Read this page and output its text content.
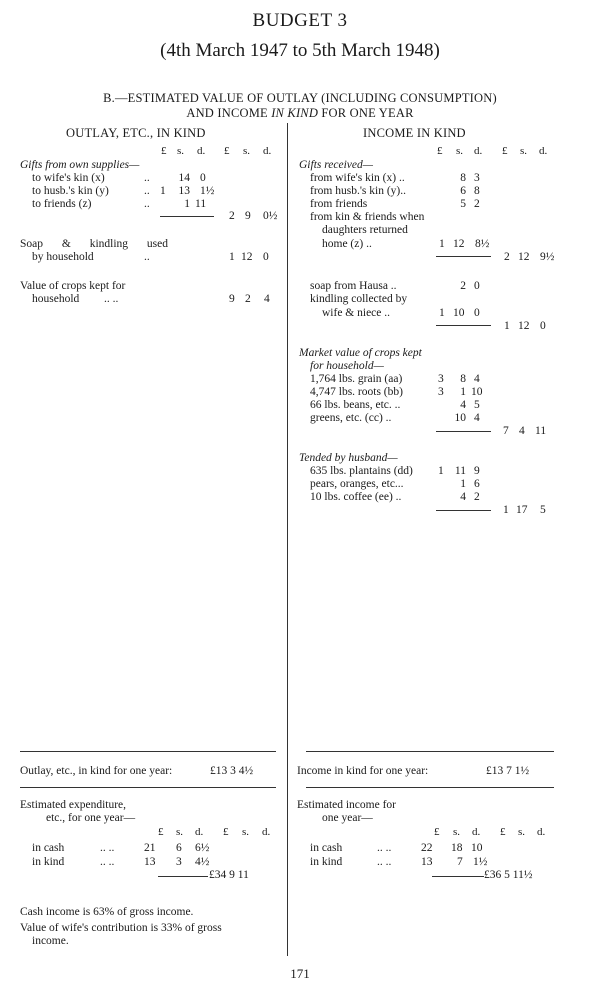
BUDGET 3
(4th March 1947 to 5th March 1948)
B.—ESTIMATED VALUE OF OUTLAY (INCLUDING CONSUMPTION)
AND INCOME IN KIND FOR ONE YEAR
OUTLAY, ETC., IN KIND
£ s. d. £ s. d.
Gifts from own supplies—
to wife's kin (x)	..	14 0
to husb.'s kin (y)	.. 1	13 1½
to friends (z)	..	1 11
2 9 0½
Soap & kindling used
by household	..	1 12 0
Value of crops kept for
household .. ..	9 2 4
Outlay, etc., in kind for one year:	£13 3 4½
Estimated expenditure,
etc., for one year—
£ s. d. £ s. d.
in cash	.. ..	21 6 6½
in kind	.. ..	13 3 4½
£34 9 11
Cash income is 63% of gross income.
Value of wife's contribution is 33% of gross
income.
INCOME IN KIND
£ s. d. £ s. d.
Gifts received—
from wife's kin (x) ..	8 3
from husb.'s kin (y)..	6 8
from friends	5 2
from kin & friends when
daughters returned
home (z) ..	1 12 8½
2 12 9½
soap from Hausa ..	2 0
kindling collected by
wife & niece ..	1 10 0
1 12 0
Market value of crops kept
for household—
1,764 lbs. grain (aa)	3	8 4
4,747 lbs. roots (bb)	3	1 10
66 lbs. beans, etc. ..	4 5
greens, etc. (cc) ..	10 4
7 4 11
Tended by husband—
635 lbs. plantains (dd) 1 11 9
pears, oranges, etc...	1 6
10 lbs. coffee (ee) ..	4 2
1 17 5
Income in kind for one year:	£13 7 1½
Estimated income for
one year—
£ s. d. £ s. d.
in cash	.. ..	22 18 10
in kind	.. ..	13 7 1½
£36 5 11½
171
